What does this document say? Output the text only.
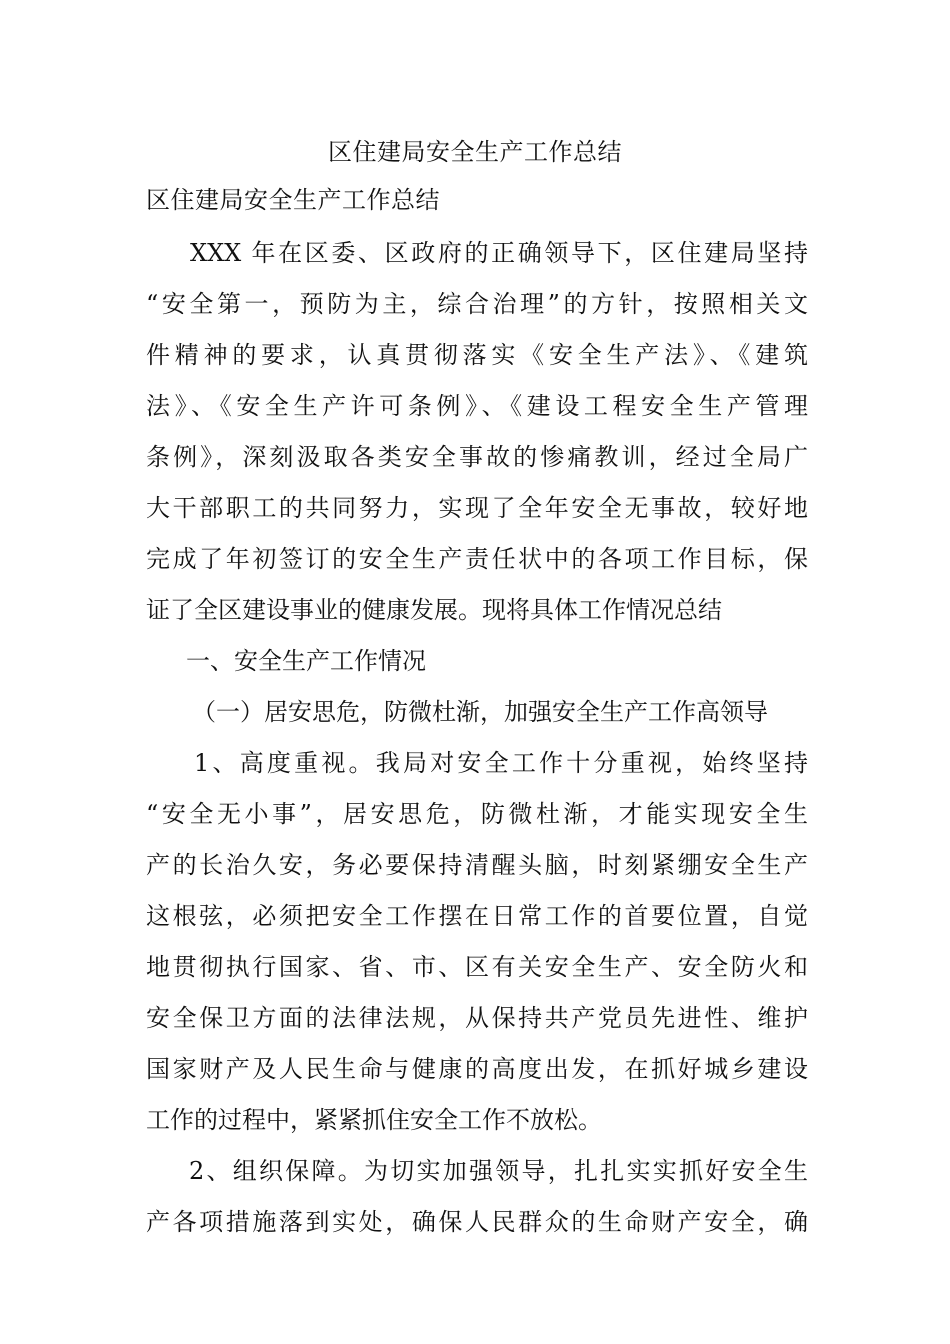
区住建局安全生产工作总结
区住建局安全生产工作总结
XXX 年在区委、区政府的正确领导下，区住建局坚持
“安全第一，预防为主，综合治理”的方针，按照相关文
件精神的要求，认真贯彻落实《安全生产法》、《建筑
法》、《安全生产许可条例》、《建设工程安全生产管理
条例》，深刻汲取各类安全事故的惨痛教训，经过全局广
大干部职工的共同努力，实现了全年安全无事故，较好地
完成了年初签订的安全生产责任状中的各项工作目标，保
证了全区建设事业的健康发展。现将具体工作情况总结
一、安全生产工作情况
（一）居安思危，防微杜渐，加强安全生产工作高领导
1、高度重视。我局对安全工作十分重视，始终坚持
“安全无小事”，居安思危，防微杜渐，才能实现安全生
产的长治久安，务必要保持清醒头脑，时刻紧绷安全生产
这根弦，必须把安全工作摆在日常工作的首要位置，自觉
地贯彻执行国家、省、市、区有关安全生产、安全防火和
安全保卫方面的法律法规，从保持共产党员先进性、维护
国家财产及人民生命与健康的高度出发，在抓好城乡建设
工作的过程中，紧紧抓住安全工作不放松。
2、组织保障。为切实加强领导，扎扎实实抓好安全生
产各项措施落到实处，确保人民群众的生命财产安全，确
